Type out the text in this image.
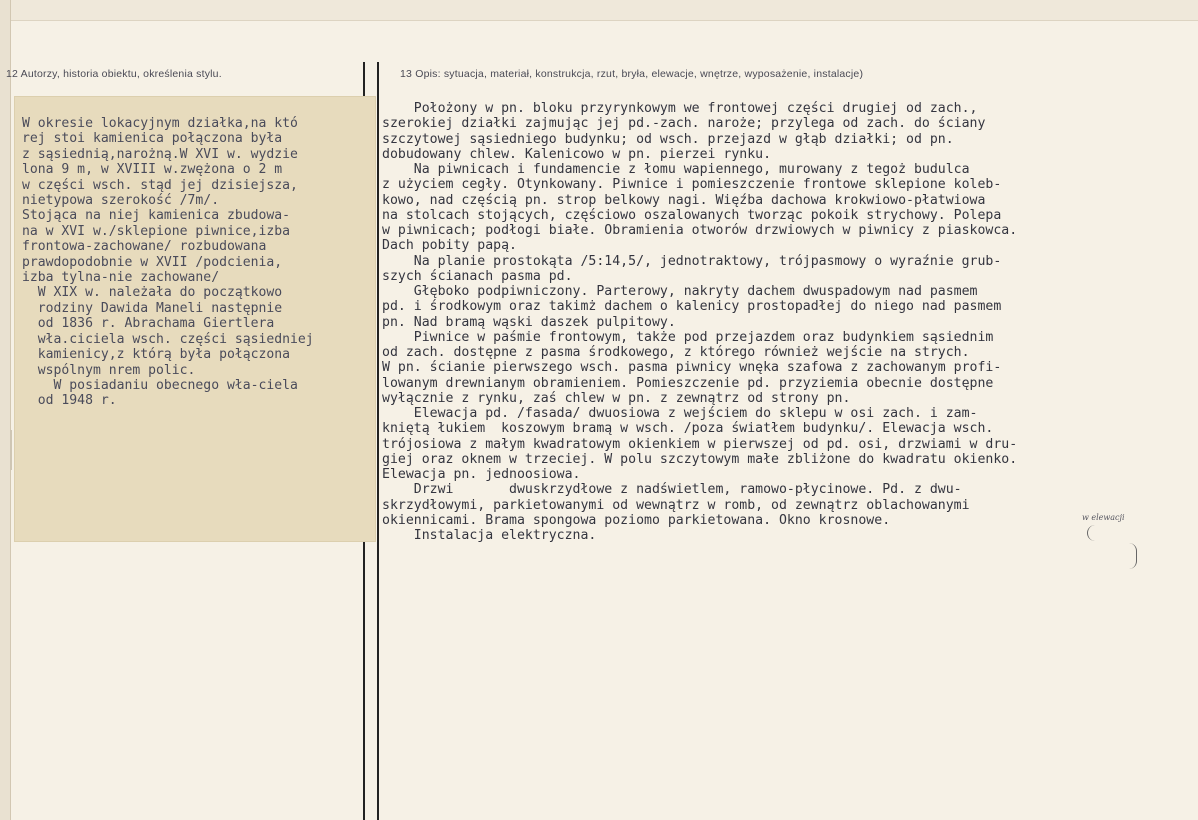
12 Autorzy, historia obiektu, określenia stylu.	13 Opis: sytuacja, materiał, konstrukcja, rzut, bryła, elewacje, wnętrze, wyposażenie, instalacje)
W okresie lokacyjnym działka,na któ
rej stoi kamienica połączona była
z sąsiednią,narożną.W XVI w. wydzie
lona 9 m, w XVIII w.zwężona o 2 m
w części wsch. stąd jej dzisiejsza,
nietypowa szerokość /7m/.
Stojąca na niej kamienica zbudowa-
na w XVI w./sklepione piwnice,izba
frontowa-zachowane/ rozbudowana
prawdopodobnie w XVII /podcienia,
izba tylna-nie zachowane/
W XIX w. należała do początkowo
rodziny Dawida Maneli następnie
od 1836 r. Abrachama Giertlera
wła.ciciela wsch. części sąsiedniej
kamienicy,z którą była połączona
wspólnym nrem polic.
W posiadaniu obecnego wła-ciela
od 1948 r.
Położony w pn. bloku przyrynkowym we frontowej części drugiej od zach.,
szerokiej działki zajmując jej pd.-zach. naroże; przylega od zach. do ściany
szczytowej sąsiedniego budynku; od wsch. przejazd w głąb działki; od pn.
dobudowany chlew. Kalenicowo w pn. pierzei rynku.
Na piwnicach i fundamencie z łomu wapiennego, murowany z tegoż budulca
z użyciem cegły. Otynkowany. Piwnice i pomieszczenie frontowe sklepione koleb-
kowo, nad częścią pn. strop belkowy nagi. Więźba dachowa krokwiowo-płatwiowa
na stolcach stojących, częściowo oszalowanych tworząc pokoik strychowy. Polepa
w piwnicach; podłogi białe. Obramienia otworów drzwiowych w piwnicy z piaskowca.
Dach pobity papą.
Na planie prostokąta /5:14,5/, jednotraktowy, trójpasmowy o wyraźnie grub-
szych ścianach pasma pd.
Głęboko podpiwniczony. Parterowy, nakryty dachem dwuspadowym nad pasmem
pd. i środkowym oraz takimż dachem o kalenicy prostopadłej do niego nad pasmem
pn. Nad bramą wąski daszek pulpitowy.
Piwnice w paśmie frontowym, także pod przejazdem oraz budynkiem sąsiednim
od zach. dostępne z pasma środkowego, z którego również wejście na strych.
W pn. ścianie pierwszego wsch. pasma piwnicy wnęka szafowa z zachowanym profi-
lowanym drewnianym obramieniem. Pomieszczenie pd. przyziemia obecnie dostępne
wyłącznie z rynku, zaś chlew w pn. z zewnątrz od strony pn.
Elewacja pd. /fasada/ dwuosiowa z wejściem do sklepu w osi zach. i zam-
kniętą łukiem  koszowym bramą w wsch. /poza światłem budynku/. Elewacja wsch.
trójosiowa z małym kwadratowym okienkiem w pierwszej od pd. osi, drzwiami w dru-
giej oraz oknem w trzeciej. W polu szczytowym małe zbliżone do kwadratu okienko.
Elewacja pn. jednoosiowa.
Drzwi       dwuskrzydłowe z nadświetlem, ramowo-płycinowe. Pd. z dwu-
skrzydłowymi, parkietowanymi od wewnątrz w romb, od zewnątrz oblachowanymi
okiennicami. Brama spongowa poziomo parkietowana. Okno krosnowe.
Instalacja elektryczna.
w elewacji
